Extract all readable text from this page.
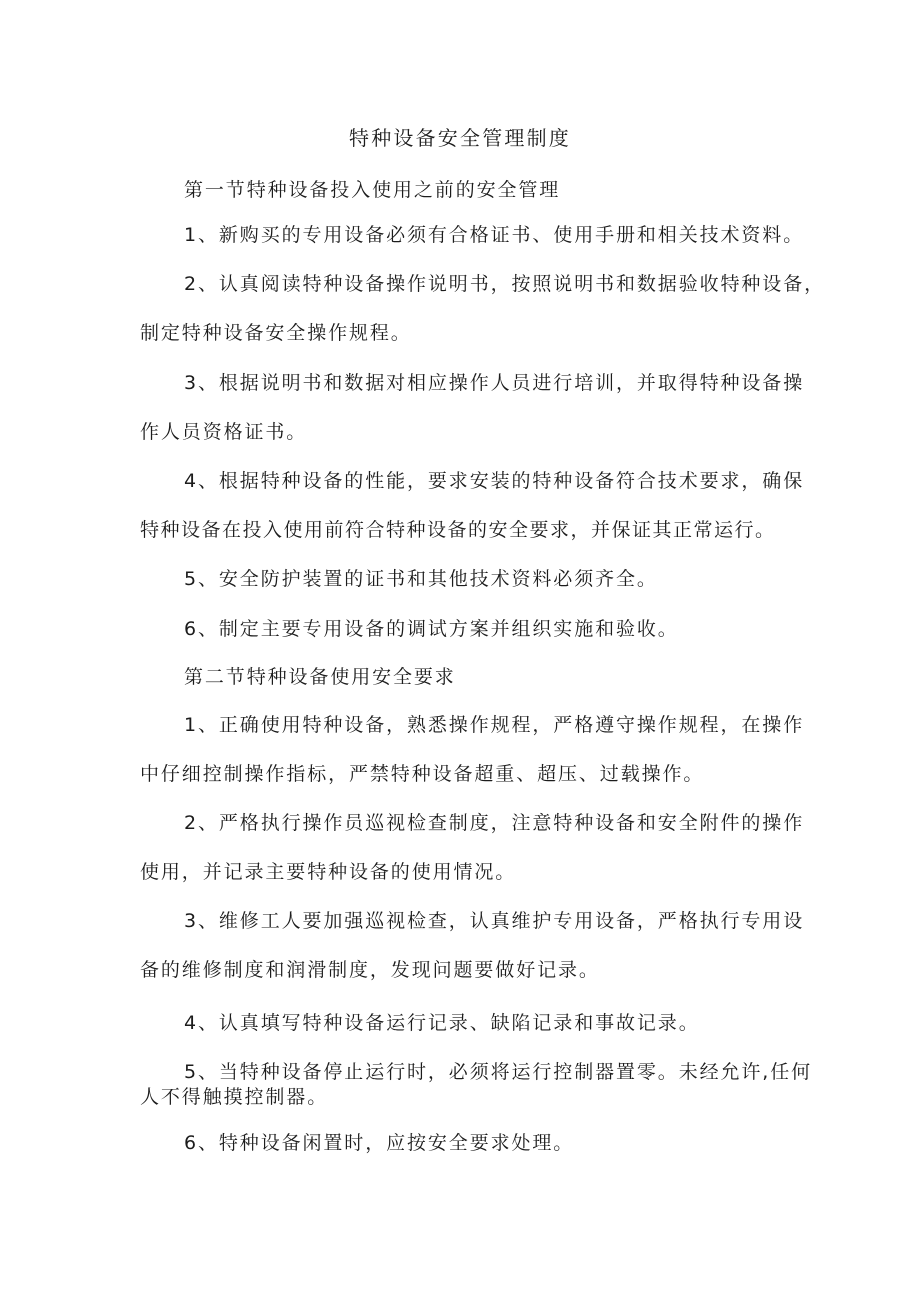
特种设备安全管理制度
第一节特种设备投入使用之前的安全管理
1、新购买的专用设备必须有合格证书、使用手册和相关技术资料。
2、认真阅读特种设备操作说明书，按照说明书和数据验收特种设备，
制定特种设备安全操作规程。
3、根据说明书和数据对相应操作人员进行培训，并取得特种设备操
作人员资格证书。
4、根据特种设备的性能，要求安装的特种设备符合技术要求，确保
特种设备在投入使用前符合特种设备的安全要求，并保证其正常运行。
5、安全防护装置的证书和其他技术资料必须齐全。
6、制定主要专用设备的调试方案并组织实施和验收。
第二节特种设备使用安全要求
1、正确使用特种设备，熟悉操作规程，严格遵守操作规程，在操作
中仔细控制操作指标，严禁特种设备超重、超压、过载操作。
2、严格执行操作员巡视检查制度，注意特种设备和安全附件的操作
使用，并记录主要特种设备的使用情况。
3、维修工人要加强巡视检查，认真维护专用设备，严格执行专用设
备的维修制度和润滑制度，发现问题要做好记录。
4、认真填写特种设备运行记录、缺陷记录和事故记录。
5、当特种设备停止运行时，必须将运行控制器置零。未经允许,任何
人不得触摸控制器。
6、特种设备闲置时，应按安全要求处理。
